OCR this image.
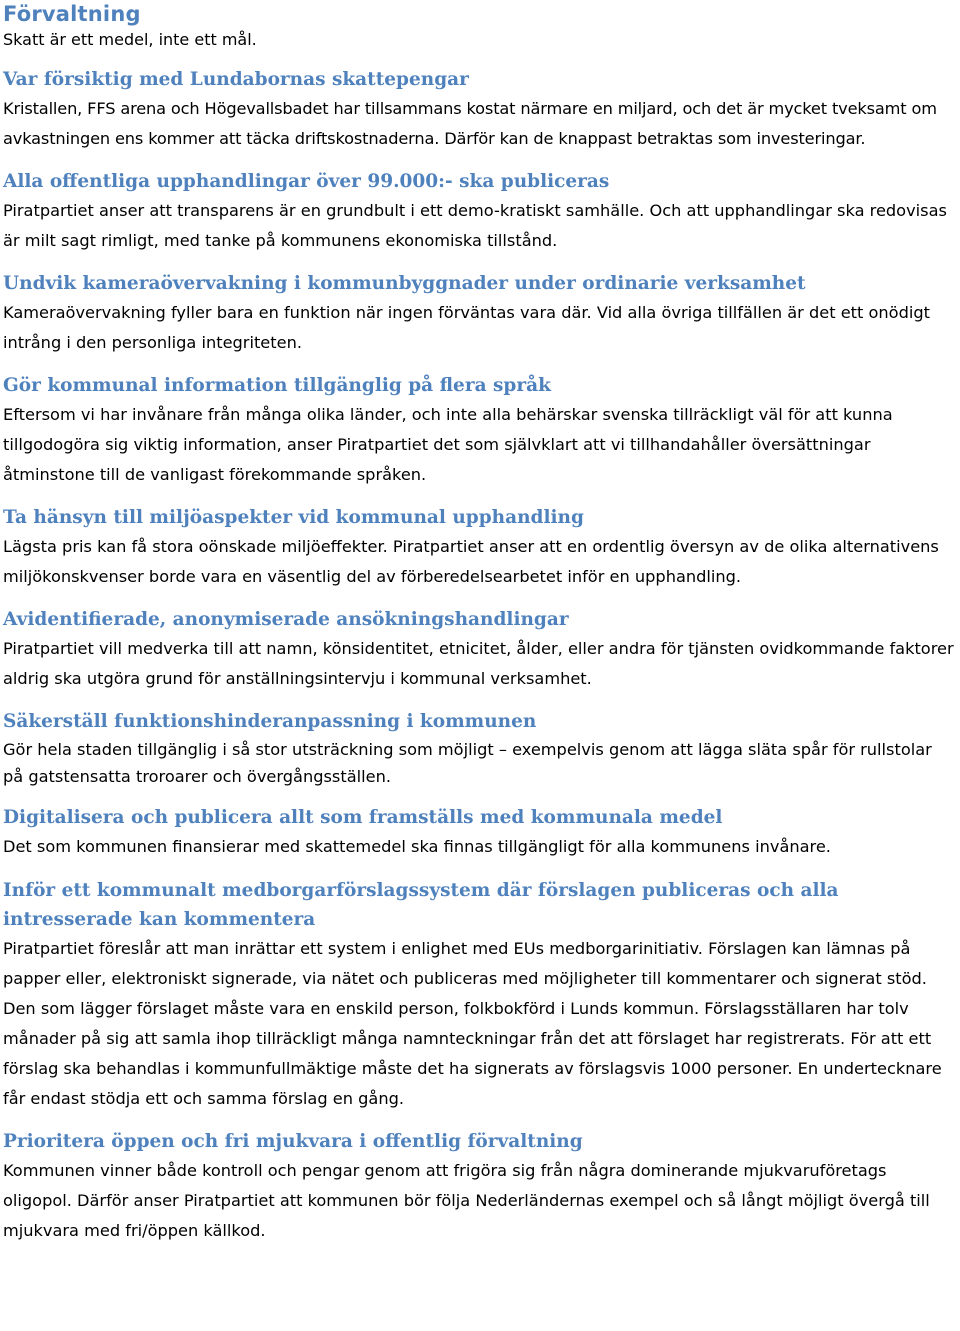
Förvaltning

Skatt är ett medel, inte ett mål.

Var försiktig med Lundabornas skattepengar

Kristallen, FFS arena och Högevallsbadet har tillsammans kostat närmare en miljard, och det är mycket tveksamt om avkastningen ens kommer att täcka driftskostnaderna. Därför kan de knappast betraktas som investeringar.

Alla offentliga upphandlingar över 99.000:- ska publiceras

Piratpartiet anser att transparens är en grundbult i ett demo-kratiskt samhälle. Och att upphandlingar ska redovisas är milt sagt rimligt, med tanke på kommunens ekonomiska tillstånd.

Undvik kameraövervakning i kommunbyggnader under ordinarie verksamhet

Kameraövervakning fyller bara en funktion när ingen förväntas vara där. Vid alla övriga tillfällen är det ett onödigt intrång i den personliga integriteten.

Gör kommunal information tillgänglig på flera språk

Eftersom vi har invånare från många olika länder, och inte alla behärskar svenska tillräckligt väl för att kunna tillgodogöra sig viktig information, anser Piratpartiet det som självklart att vi tillhandahåller översättningar åtminstone till de vanligast förekommande språken.

Ta hänsyn till miljöaspekter vid kommunal upphandling

Lägsta pris kan få stora oönskade miljöeffekter. Piratpartiet anser att en ordentlig översyn av de olika alternativens miljökonskvenser borde vara en väsentlig del av förberedelsearbetet inför en upphandling.

Avidentifierade, anonymiserade ansökningshandlingar

Piratpartiet vill medverka till att namn, könsidentitet, etnicitet, ålder, eller andra för tjänsten ovidkommande faktorer aldrig ska utgöra grund för anställningsintervju i kommunal verksamhet.

Säkerställ funktionshinderanpassning i kommunen

Gör hela staden tillgänglig i så stor utsträckning som möjligt – exempelvis genom att lägga släta spår för rullstolar på gatstensatta troroarer och övergångsställen.

Digitalisera och publicera allt som framställs med kommunala medel

Det som kommunen finansierar med skattemedel ska finnas tillgängligt för alla kommunens invånare.

Inför ett kommunalt medborgarförslagssystem där förslagen publiceras och alla intresserade kan kommentera

Piratpartiet föreslår att man inrättar ett system i enlighet med EUs medborgarinitiativ. Förslagen kan lämnas på papper eller, elektroniskt signerade, via nätet och publiceras med möjligheter till kommentarer och signerat stöd. Den som lägger förslaget måste vara en enskild person, folkbokförd i Lunds kommun. Förslagsställaren har tolv månader på sig att samla ihop tillräckligt många namnteckningar från det att förslaget har registrerats. För att ett förslag ska behandlas i kommunfullmäktige måste det ha signerats av förslagsvis 1000 personer. En undertecknare får endast stödja ett och samma förslag en gång.

Prioritera öppen och fri mjukvara i offentlig förvaltning

Kommunen vinner både kontroll och pengar genom att frigöra sig från några dominerande mjukvaruföretags oligopol. Därför anser Piratpartiet att kommunen bör följa Nederländernas exempel och så långt möjligt övergå till mjukvara med fri/öppen källkod.
